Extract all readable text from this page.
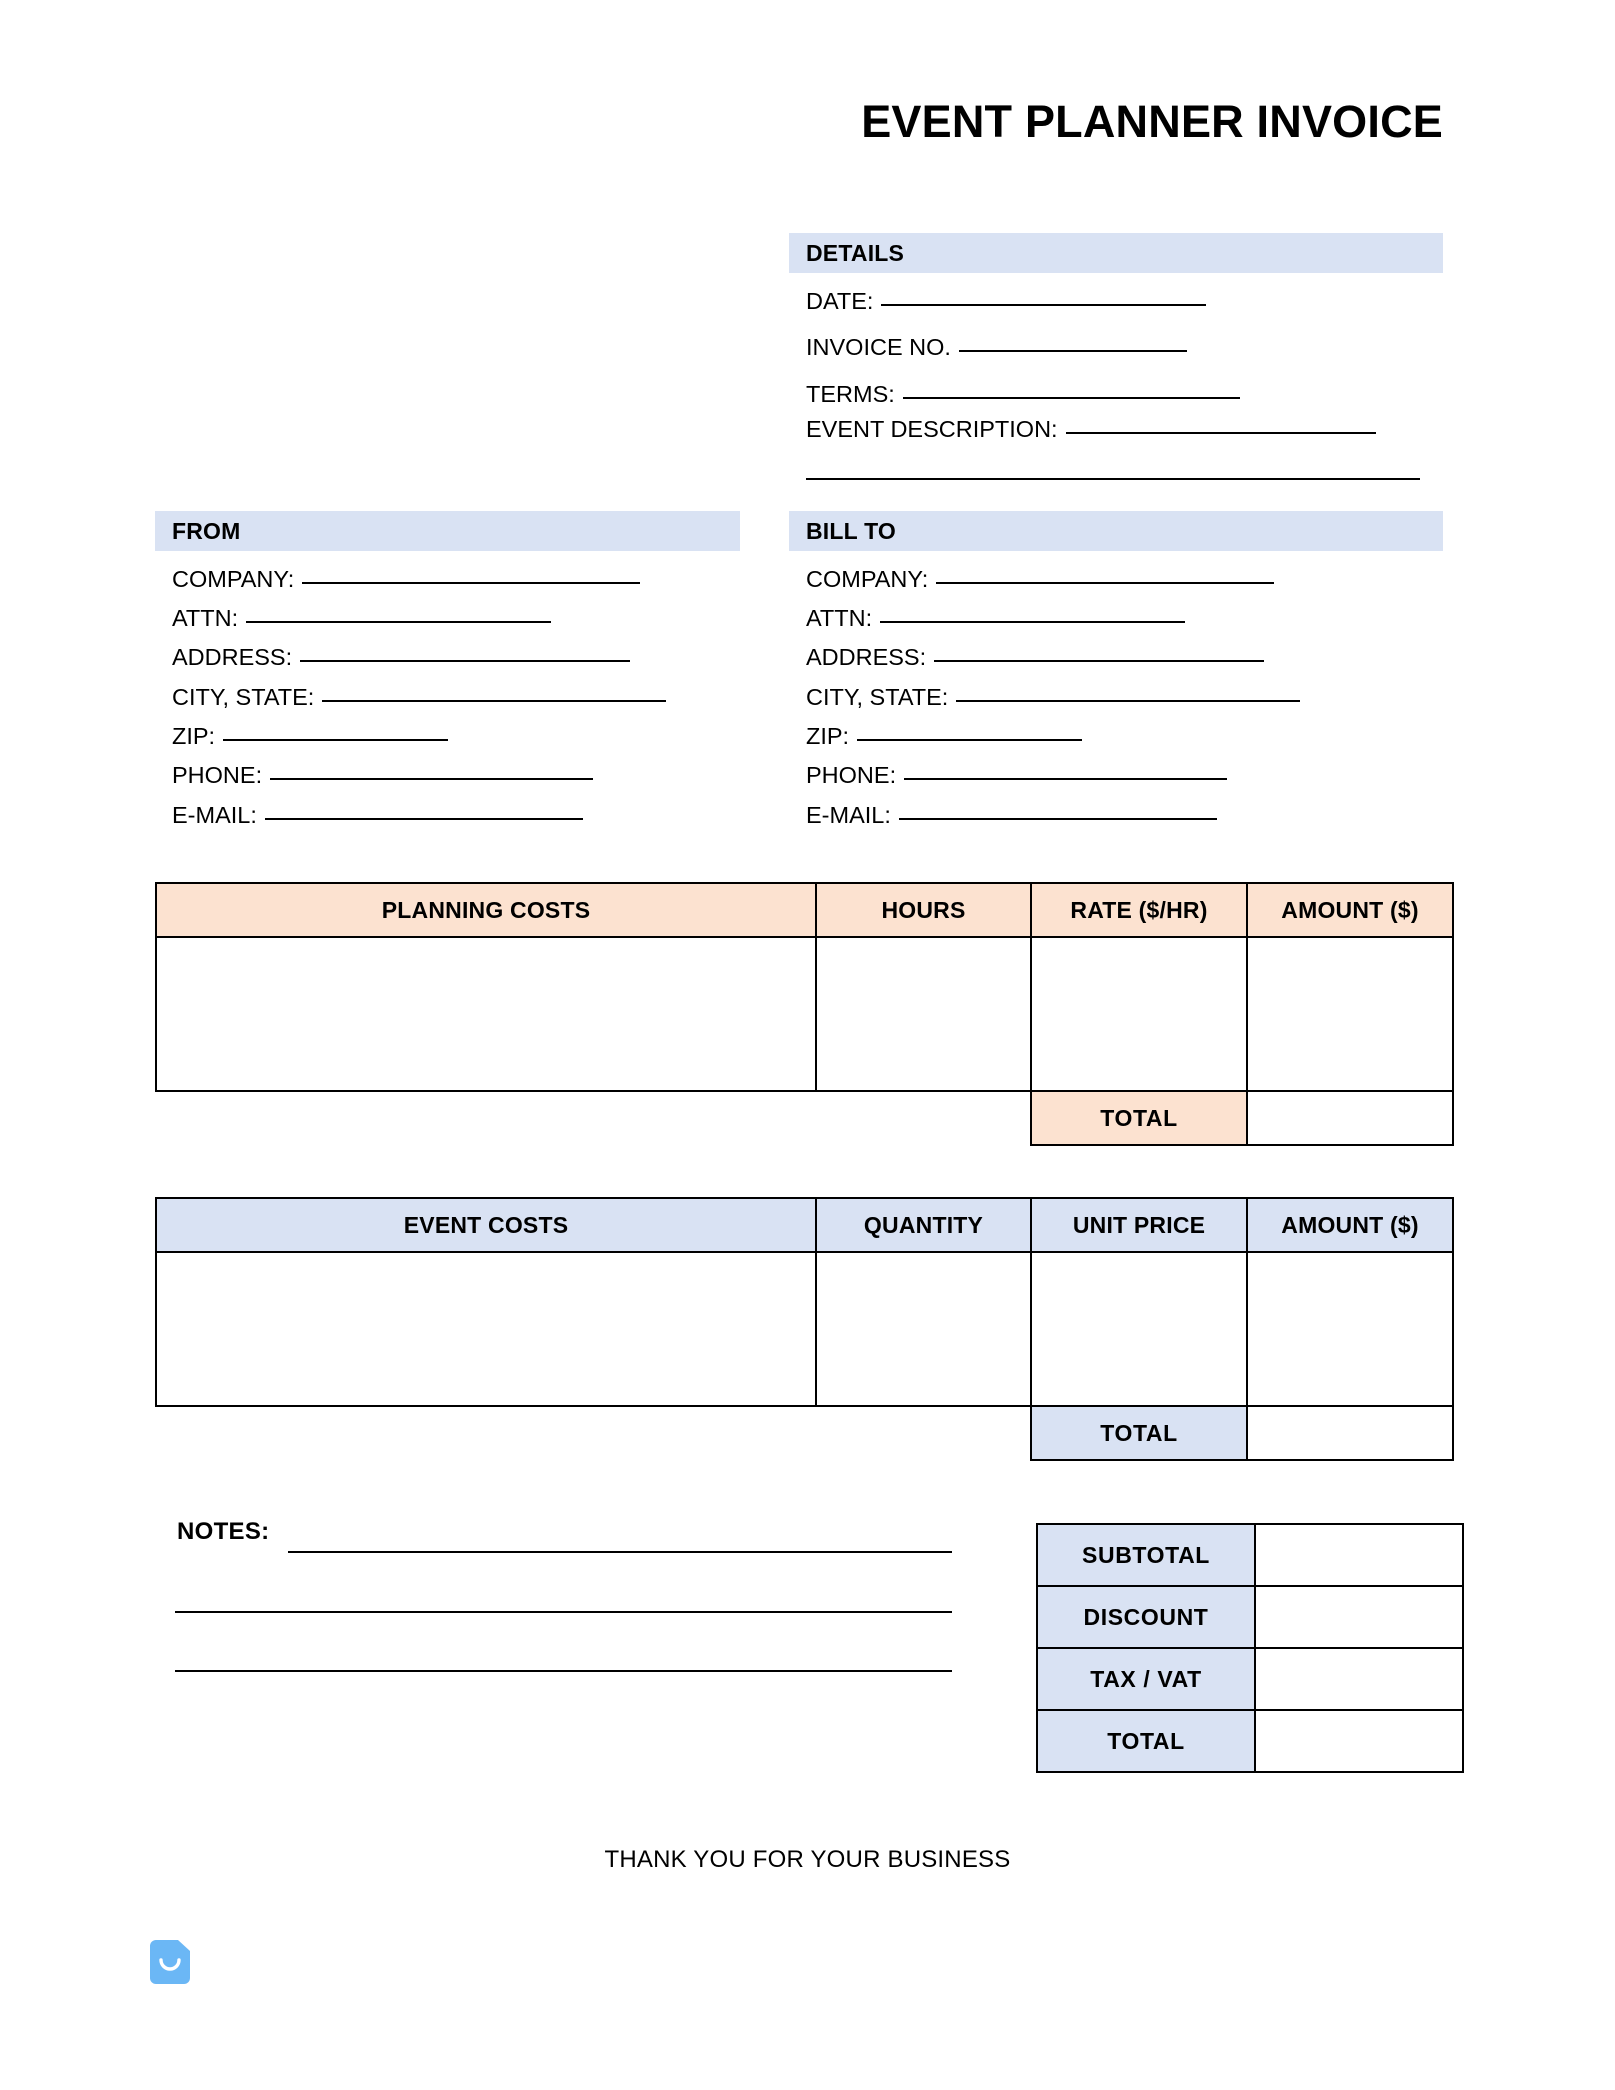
EVENT PLANNER INVOICE
DETAILS
DATE:
INVOICE NO.
TERMS:
EVENT DESCRIPTION:
FROM
COMPANY:
ATTN:
ADDRESS:
CITY, STATE:
ZIP:
PHONE:
E-MAIL:
BILL TO
COMPANY:
ATTN:
ADDRESS:
CITY, STATE:
ZIP:
PHONE:
E-MAIL:
PLANNING COSTS	HOURS	RATE ($/HR)	AMOUNT ($)

		TOTAL	
EVENT COSTS	QUANTITY	UNIT PRICE	AMOUNT ($)

		TOTAL	
NOTES:
SUBTOTAL	
DISCOUNT	
TAX / VAT	
TOTAL	
THANK YOU FOR YOUR BUSINESS
